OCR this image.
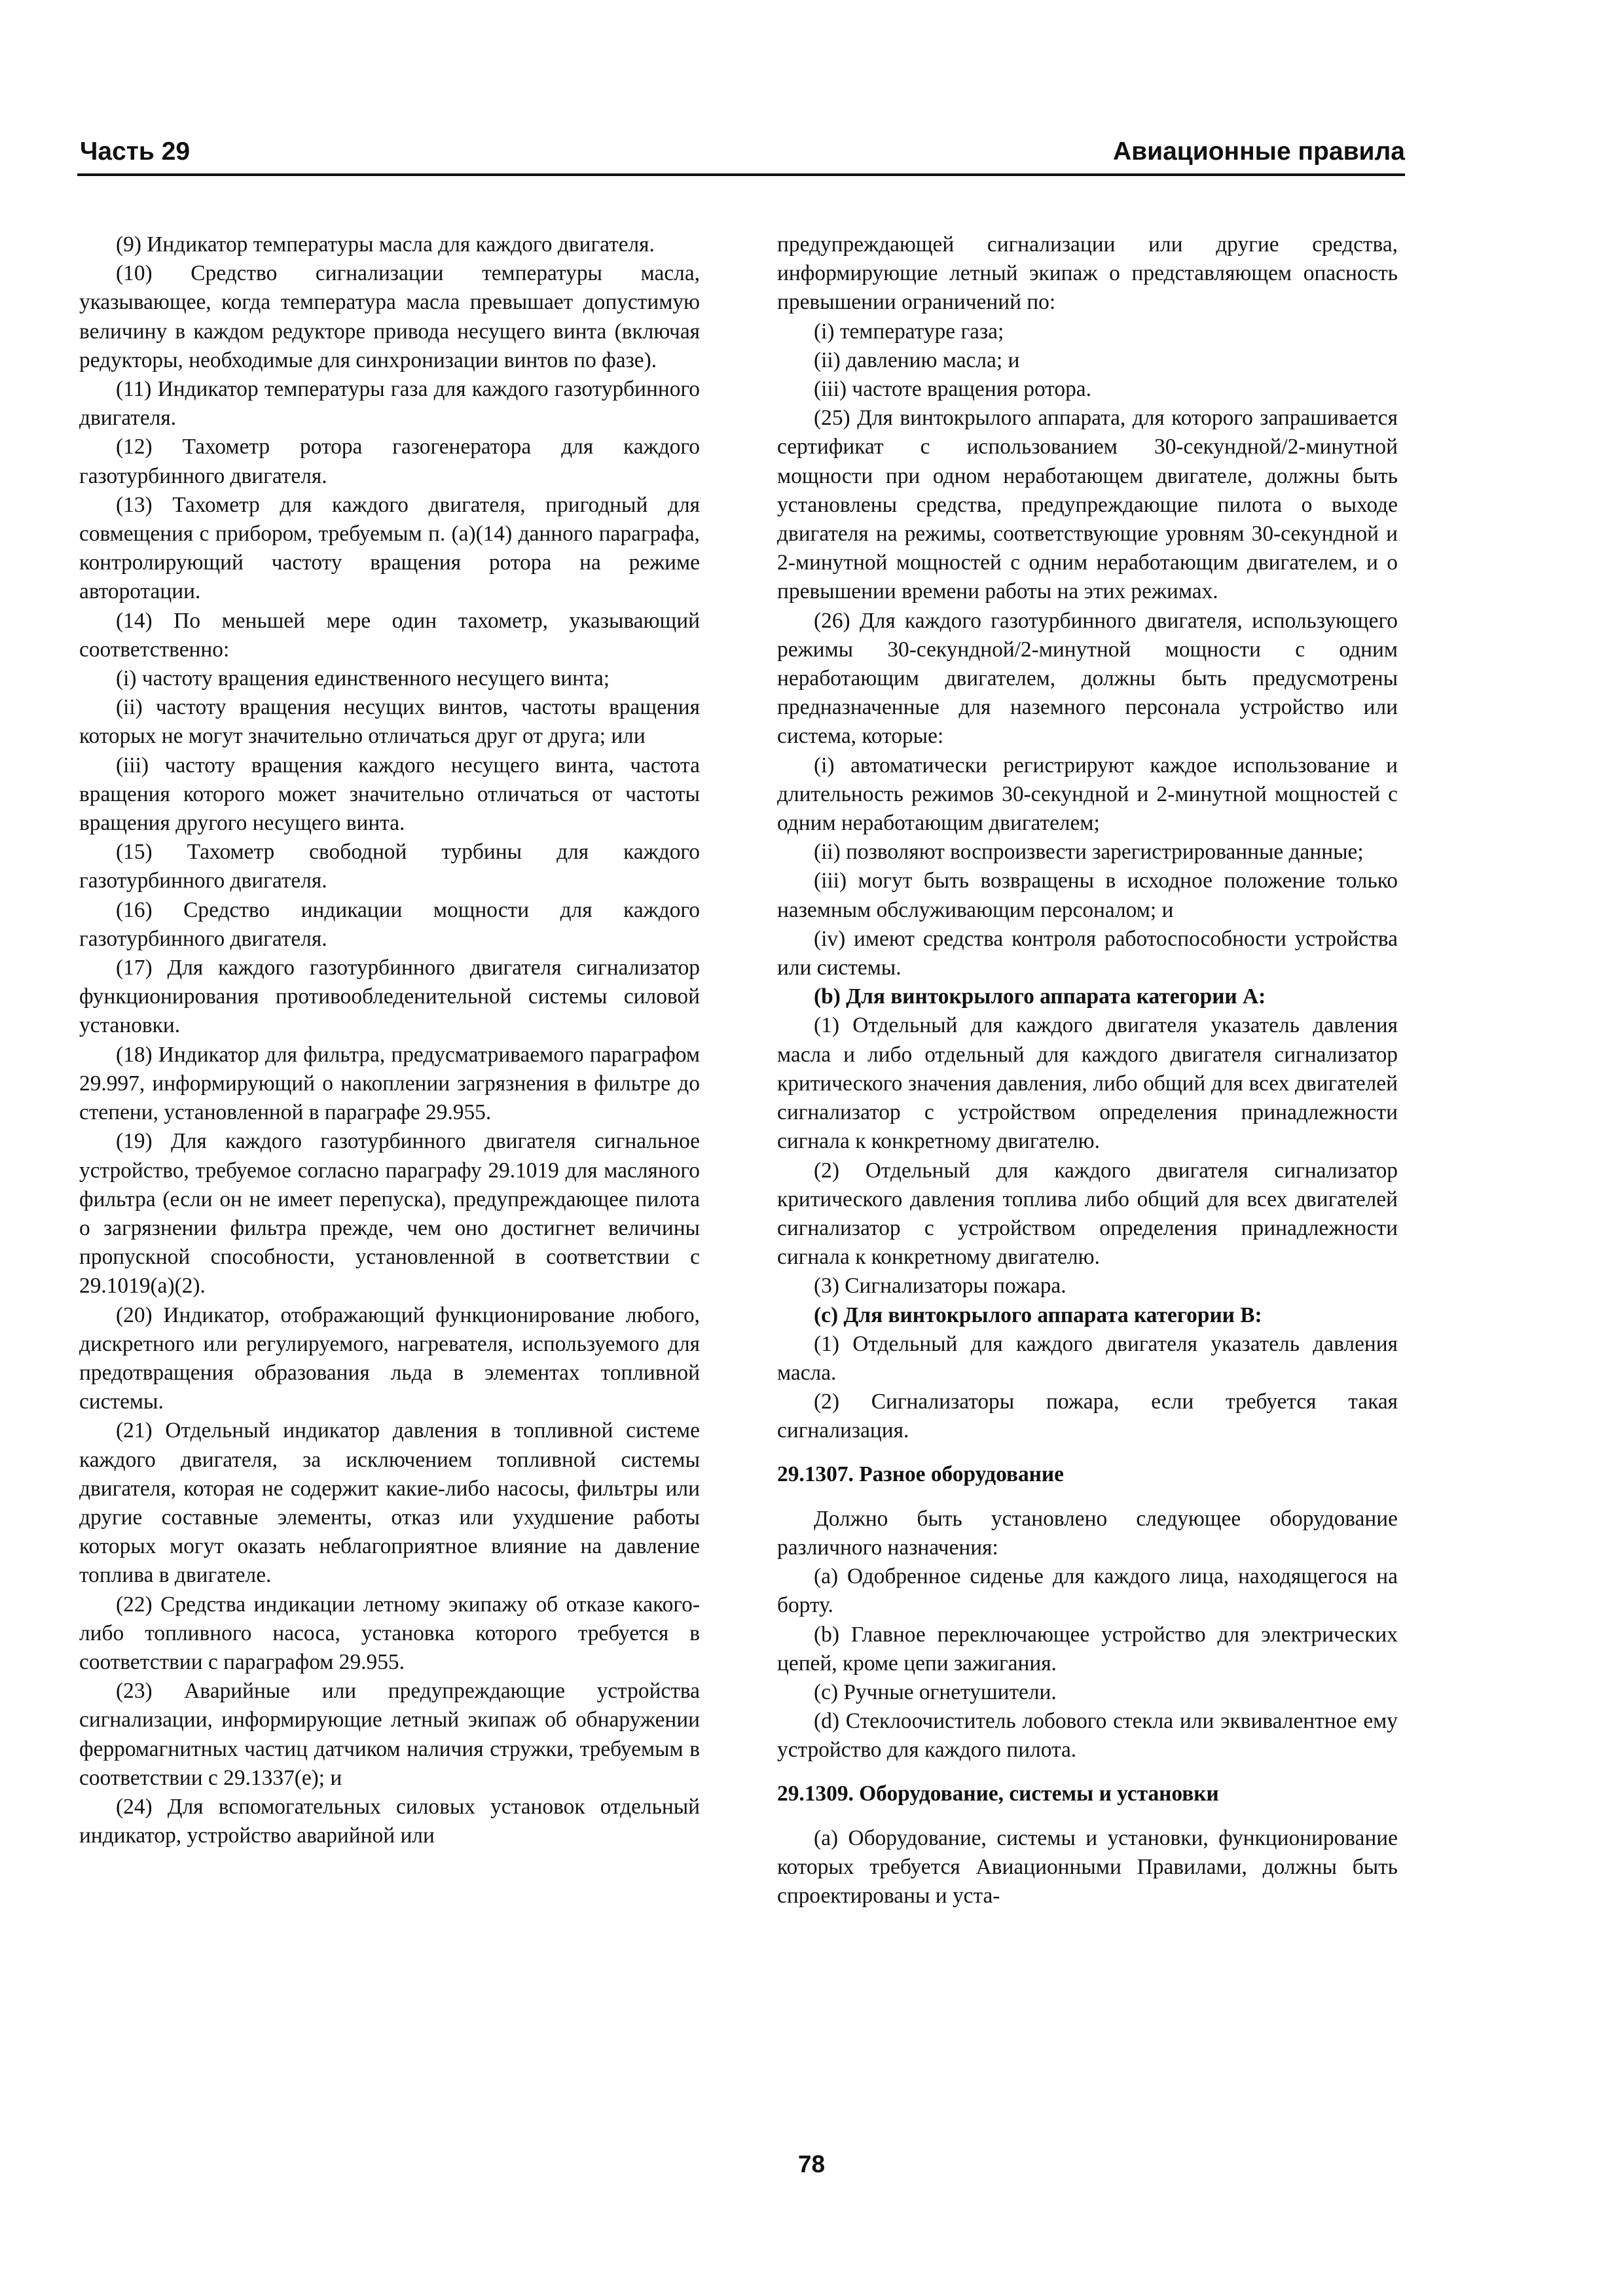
Часть 29	Авиационные правила

(9) Индикатор температуры масла для каждого двигателя.

(10) Средство сигнализации температуры масла, указывающее, когда температура масла превышает допустимую величину в каждом редукторе привода несущего винта (включая редукторы, необходимые для синхронизации винтов по фазе).

(11) Индикатор температуры газа для каждого газотурбинного двигателя.

(12) Тахометр ротора газогенератора для каждого газотурбинного двигателя.

(13) Тахометр для каждого двигателя, пригодный для совмещения с прибором, требуемым п. (а)(14) данного параграфа, контролирующий частоту вращения ротора на режиме авторотации.

(14) По меньшей мере один тахометр, указывающий соответственно:

(i) частоту вращения единственного несущего винта;

(ii) частоту вращения несущих винтов, частоты вращения которых не могут значительно отличаться друг от друга; или

(iii) частоту вращения каждого несущего винта, частота вращения которого может значительно отличаться от частоты вращения другого несущего винта.

(15) Тахометр свободной турбины для каждого газотурбинного двигателя.

(16) Средство индикации мощности для каждого газотурбинного двигателя.

(17) Для каждого газотурбинного двигателя сигнализатор функционирования противообледенительной системы силовой установки.

(18) Индикатор для фильтра, предусматриваемого параграфом 29.997, информирующий о накоплении загрязнения в фильтре до степени, установленной в параграфе 29.955.

(19) Для каждого газотурбинного двигателя сигнальное устройство, требуемое согласно параграфу 29.1019 для масляного фильтра (если он не имеет перепуска), предупреждающее пилота о загрязнении фильтра прежде, чем оно достигнет величины пропускной способности, установленной в соответствии с 29.1019(a)(2).

(20) Индикатор, отображающий функционирование любого, дискретного или регулируемого, нагревателя, используемого для предотвращения образования льда в элементах топливной системы.

(21) Отдельный индикатор давления в топливной системе каждого двигателя, за исключением топливной системы двигателя, которая не содержит какие-либо насосы, фильтры или другие составные элементы, отказ или ухудшение работы которых могут оказать неблагоприятное влияние на давление топлива в двигателе.

(22) Средства индикации летному экипажу об отказе какого-либо топливного насоса, установка которого требуется в соответствии с параграфом 29.955.

(23) Аварийные или предупреждающие устройства сигнализации, информирующие летный экипаж об обнаружении ферромагнитных частиц датчиком наличия стружки, требуемым в соответствии с 29.1337(e); и

(24) Для вспомогательных силовых установок отдельный индикатор, устройство аварийной или

предупреждающей сигнализации или другие средства, информирующие летный экипаж о представляющем опасность превышении ограничений по:

(i) температуре газа;

(ii) давлению масла; и

(iii) частоте вращения ротора.

(25) Для винтокрылого аппарата, для которого запрашивается сертификат с использованием 30-секундной/2-минутной мощности при одном неработающем двигателе, должны быть установлены средства, предупреждающие пилота о выходе двигателя на режимы, соответствующие уровням 30-секундной и 2-минутной мощностей с одним неработающим двигателем, и о превышении времени работы на этих режимах.

(26) Для каждого газотурбинного двигателя, использующего режимы 30-секундной/2-минутной мощности с одним неработающим двигателем, должны быть предусмотрены предназначенные для наземного персонала устройство или система, которые:

(i) автоматически регистрируют каждое использование и длительность режимов 30-секундной и 2-минутной мощностей с одним неработающим двигателем;

(ii) позволяют воспроизвести зарегистрированные данные;

(iii) могут быть возвращены в исходное положение только наземным обслуживающим персоналом; и

(iv) имеют средства контроля работоспособности устройства или системы.

(b) Для винтокрылого аппарата категории А:

(1) Отдельный для каждого двигателя указатель давления масла и либо отдельный для каждого двигателя сигнализатор критического значения давления, либо общий для всех двигателей сигнализатор с устройством определения принадлежности сигнала к конкретному двигателю.

(2) Отдельный для каждого двигателя сигнализатор критического давления топлива либо общий для всех двигателей сигнализатор с устройством определения принадлежности сигнала к конкретному двигателю.

(3) Сигнализаторы пожара.

(c) Для винтокрылого аппарата категории В:

(1) Отдельный для каждого двигателя указатель давления масла.

(2) Сигнализаторы пожара, если требуется такая сигнализация.

29.1307. Разное оборудование

Должно быть установлено следующее оборудование различного назначения:

(a) Одобренное сиденье для каждого лица, находящегося на борту.

(b) Главное переключающее устройство для электрических цепей, кроме цепи зажигания.

(c) Ручные огнетушители.

(d) Стеклоочиститель лобового стекла или эквивалентное ему устройство для каждого пилота.

29.1309. Оборудование, системы и установки

(a) Оборудование, системы и установки, функционирование которых требуется Авиационными Правилами, должны быть спроектированы и уста-

78
